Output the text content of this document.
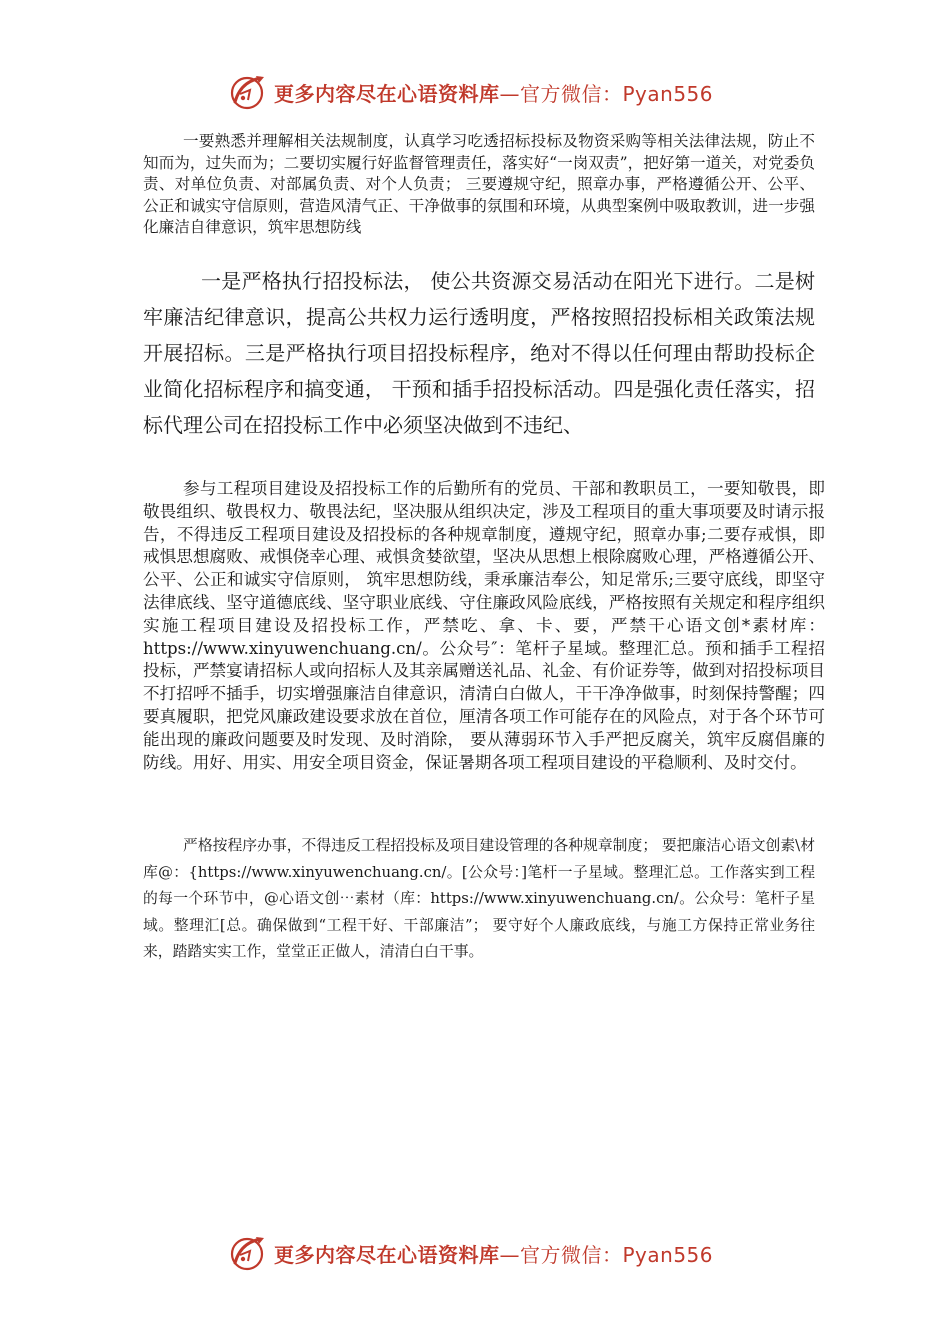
更多内容尽在心语资料库—官方微信：Pyan556

一要熟悉并理解相关法规制度，认真学习吃透招标投标及物资采购等相关法律法规，防止不知而为，过失而为；二要切实履行好监督管理责任，落实好“一岗双责”，把好第一道关，对党委负责、对单位负责、对部属负责、对个人负责； 三要遵规守纪，照章办事，严格遵循公开、公平、公正和诚实守信原则，营造风清气正、干净做事的氛围和环境，从典型案例中吸取教训，进一步强化廉洁自律意识，筑牢思想防线

一是严格执行招投标法， 使公共资源交易活动在阳光下进行。二是树牢廉洁纪律意识，提高公共权力运行透明度，严格按照招投标相关政策法规开展招标。三是严格执行项目招投标程序，绝对不得以任何理由帮助投标企业简化招标程序和搞变通， 干预和插手招投标活动。四是强化责任落实，招标代理公司在招投标工作中必须坚决做到不违纪、

参与工程项目建设及招投标工作的后勤所有的党员、干部和教职员工，一要知敬畏，即敬畏组织、敬畏权力、敬畏法纪，坚决服从组织决定，涉及工程项目的重大事项要及时请示报告，不得违反工程项目建设及招投标的各种规章制度，遵规守纪，照章办事;二要存戒惧，即戒惧思想腐败、戒惧侥幸心理、戒惧贪婪欲望，坚决从思想上根除腐败心理，严格遵循公开、公平、公正和诚实守信原则， 筑牢思想防线，秉承廉洁奉公，知足常乐;三要守底线，即坚守法律底线、坚守道德底线、坚守职业底线、守住廉政风险底线，严格按照有关规定和程序组织实施工程项目建设及招投标工作，严禁吃、拿、卡、要，严禁干心语文创*素材库：https://www.xinyuwenchuang.cn/。公众号″：笔杆子星域。整理汇总。预和插手工程招投标，严禁宴请招标人或向招标人及其亲属赠送礼品、礼金、有价证券等，做到对招投标项目不打招呼不插手，切实增强廉洁自律意识，清清白白做人，干干净净做事，时刻保持警醒；四要真履职，把党风廉政建设要求放在首位，厘清各项工作可能存在的风险点，对于各个环节可能出现的廉政问题要及时发现、及时消除， 要从薄弱环节入手严把反腐关，筑牢反腐倡廉的防线。用好、用实、用安全项目资金，保证暑期各项工程项目建设的平稳顺利、及时交付。

严格按程序办事，不得违反工程招投标及项目建设管理的各种规章制度； 要把廉洁心语文创素\材库@：{https://www.xinyuwenchuang.cn/。[公众号：]笔杆一子星域。整理汇总。工作落实到工程的每一个环节中，@心语文创⋯素材（库：https://www.xinyuwenchuang.cn/。公众号：笔杆子星域。整理汇[总。确保做到“工程干好、干部廉洁”； 要守好个人廉政底线，与施工方保持正常业务往来，踏踏实实工作，堂堂正正做人，清清白白干事。

更多内容尽在心语资料库—官方微信：Pyan556
